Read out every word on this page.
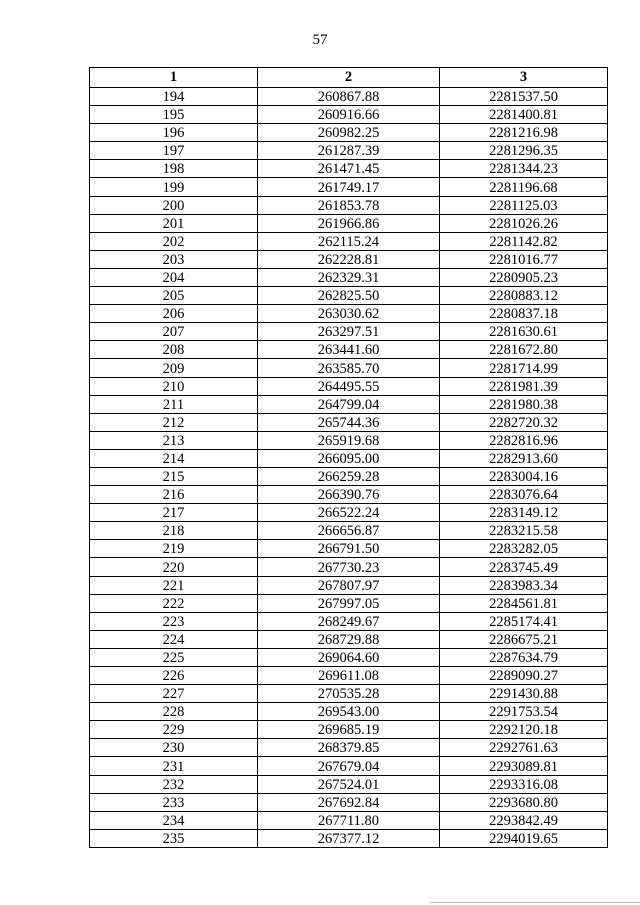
57
1	2	3
194	260867.88	2281537.50
195	260916.66	2281400.81
196	260982.25	2281216.98
197	261287.39	2281296.35
198	261471.45	2281344.23
199	261749.17	2281196.68
200	261853.78	2281125.03
201	261966.86	2281026.26
202	262115.24	2281142.82
203	262228.81	2281016.77
204	262329.31	2280905.23
205	262825.50	2280883.12
206	263030.62	2280837.18
207	263297.51	2281630.61
208	263441.60	2281672.80
209	263585.70	2281714.99
210	264495.55	2281981.39
211	264799.04	2281980.38
212	265744.36	2282720.32
213	265919.68	2282816.96
214	266095.00	2282913.60
215	266259.28	2283004.16
216	266390.76	2283076.64
217	266522.24	2283149.12
218	266656.87	2283215.58
219	266791.50	2283282.05
220	267730.23	2283745.49
221	267807.97	2283983.34
222	267997.05	2284561.81
223	268249.67	2285174.41
224	268729.88	2286675.21
225	269064.60	2287634.79
226	269611.08	2289090.27
227	270535.28	2291430.88
228	269543.00	2291753.54
229	269685.19	2292120.18
230	268379.85	2292761.63
231	267679.04	2293089.81
232	267524.01	2293316.08
233	267692.84	2293680.80
234	267711.80	2293842.49
235	267377.12	2294019.65
